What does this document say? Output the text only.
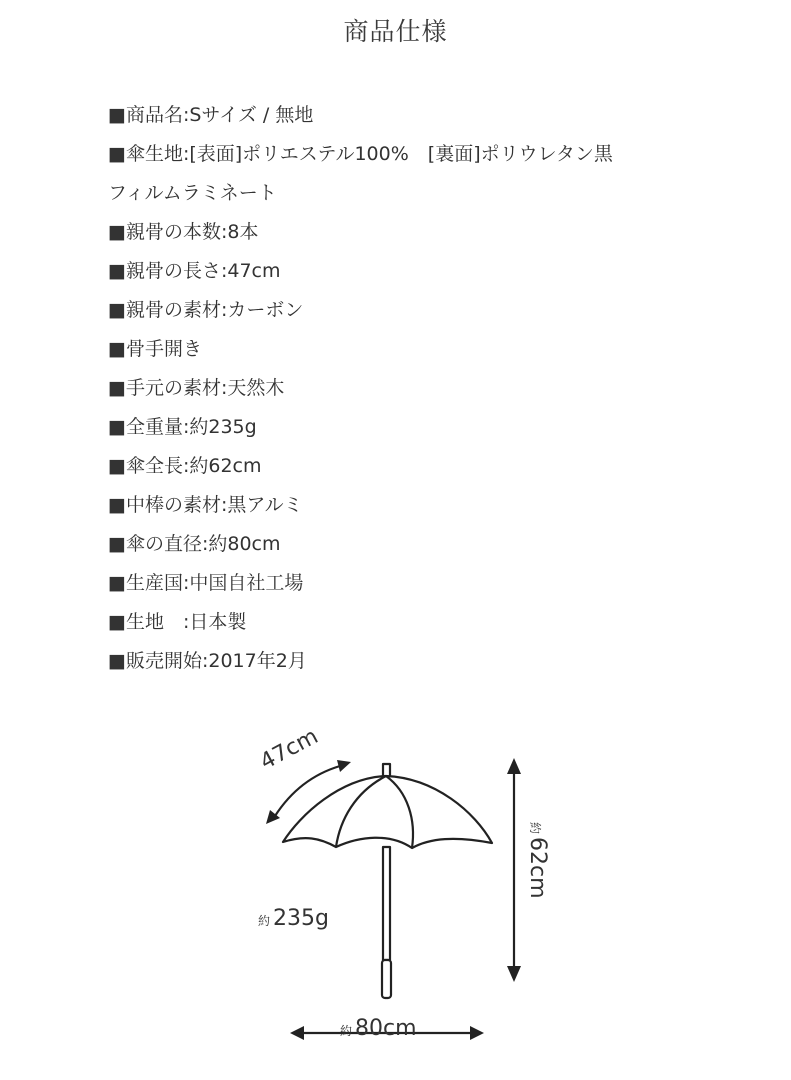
商品仕様
■商品名:Sサイズ / 無地
■傘生地:[表面]ポリエステル100%　[裏面]ポリウレタン黒
フィルムラミネート
■親骨の本数:8本
■親骨の長さ:47cm
■親骨の素材:カーボン
■骨手開き
■手元の素材:天然木
■全重量:約235g
■傘全長:約62cm
■中棒の素材:黒アルミ
■傘の直径:約80cm
■生産国:中国自社工場
■生地　:日本製
■販売開始:2017年2月
47cm
約 235g
約62cm
約 80cm
